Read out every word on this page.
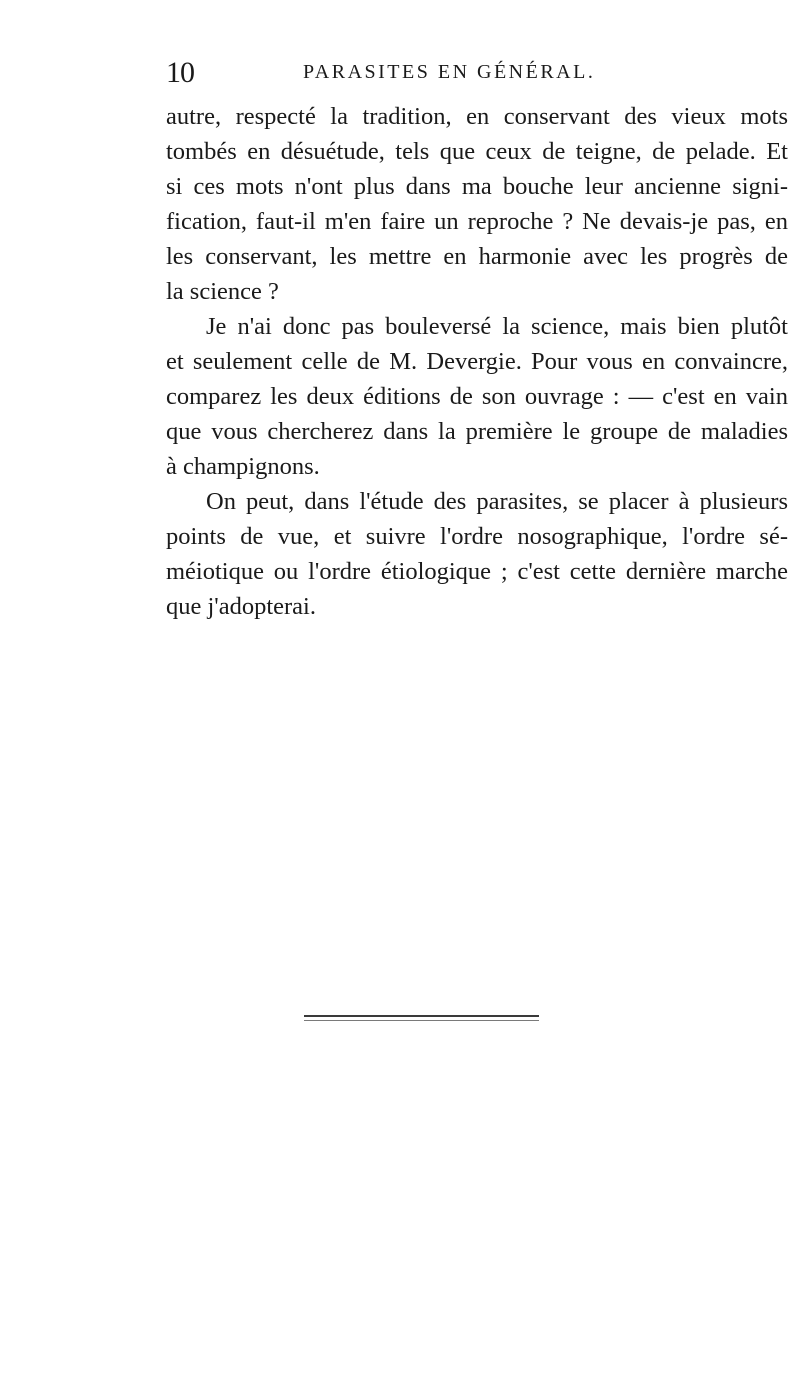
10	PARASITES EN GÉNÉRAL.

autre, respecté la tradition, en conservant des vieux mots
tombés en désuétude, tels que ceux de teigne, de pelade. Et
si ces mots n'ont plus dans ma bouche leur ancienne signi-
fication, faut-il m'en faire un reproche ? Ne devais-je pas, en
les conservant, les mettre en harmonie avec les progrès de
la science ?

Je n'ai donc pas bouleversé la science, mais bien plutôt
et seulement celle de M. Devergie. Pour vous en convaincre,
comparez les deux éditions de son ouvrage : — c'est en vain
que vous chercherez dans la première le groupe de maladies
à champignons.

On peut, dans l'étude des parasites, se placer à plusieurs
points de vue, et suivre l'ordre nosographique, l'ordre sé-
méiotique ou l'ordre étiologique ; c'est cette dernière marche
que j'adopterai.
